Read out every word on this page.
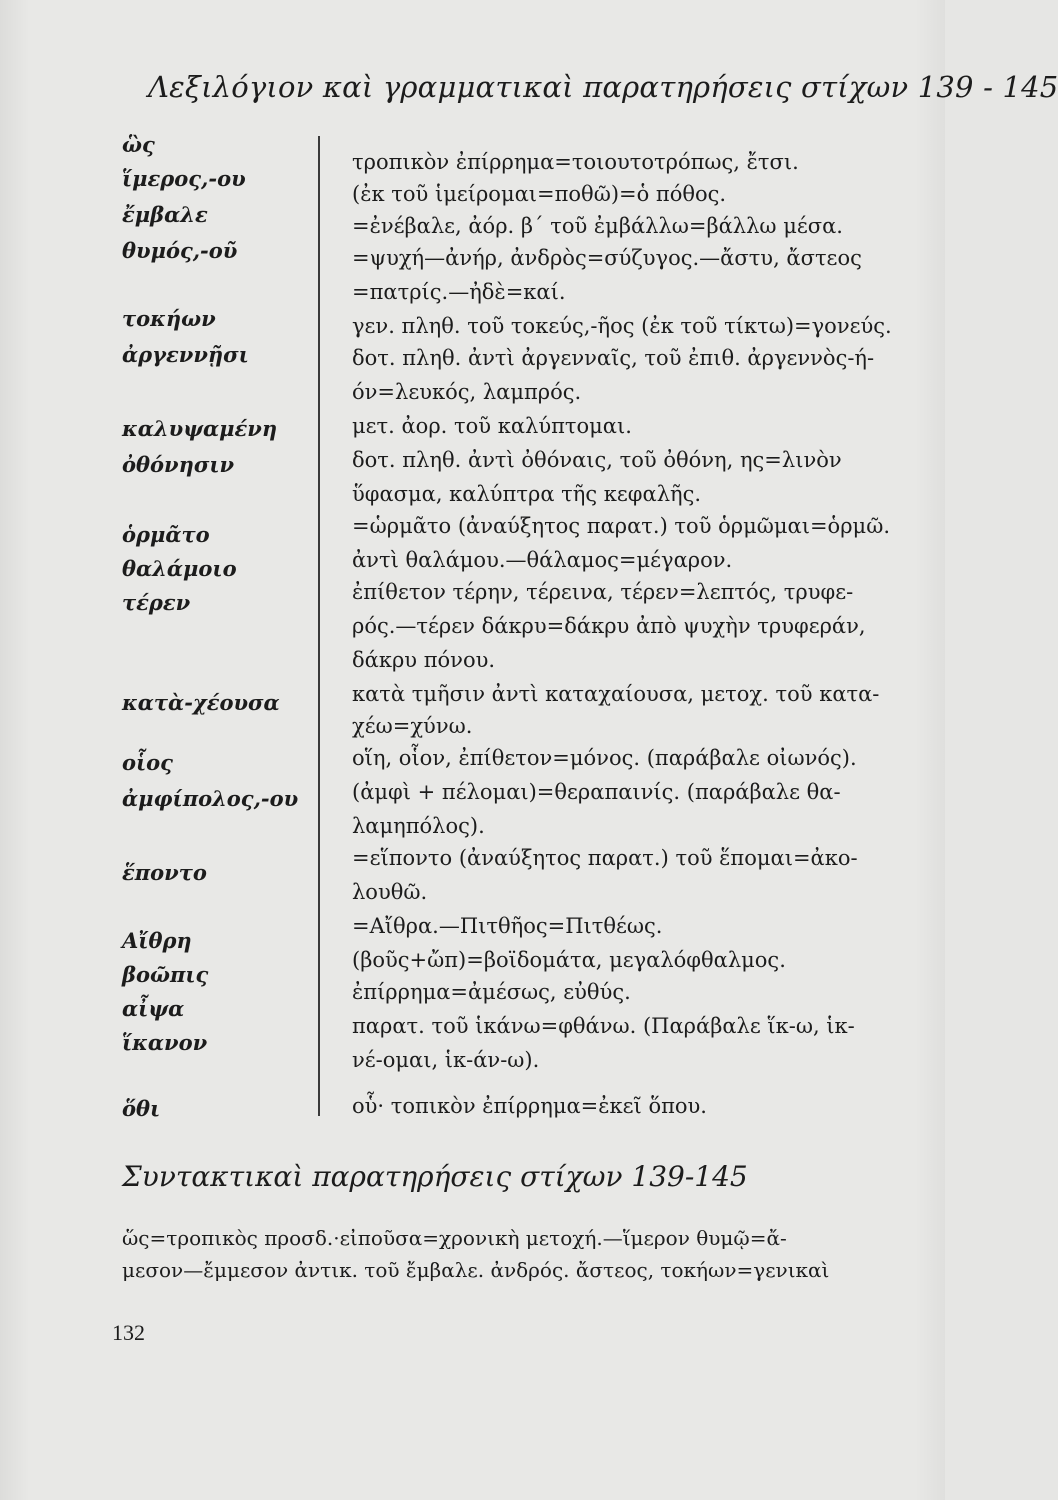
Λεξιλόγιον καὶ γραμματικαὶ παρατηρήσεις στίχων 139 - 145
ὣς
ἵμερος,-ου
ἔμβαλε
θυμός,-οῦ
τοκήων
ἀργεννῇσι
καλυψαμένη
ὀθόνησιν
ὁρμᾶτο
θαλάμοιο
τέρεν
κατὰ-χέουσα
οἷος
ἀμφίπολος,-ου
ἕποντο
Αἴθρη
βοῶπις
αἶψα
ἵκανον
ὅθι
τροπικὸν ἐπίρρημα=τοιουτοτρόπως, ἔτσι.
(ἐκ τοῦ ἱμείρομαι=ποθῶ)=ὁ πόθος.
=ἐνέβαλε, ἀόρ. β΄ τοῦ ἐμβάλλω=βάλλω μέσα.
=ψυχή—ἀνήρ, ἀνδρὸς=σύζυγος.—ἄστυ, ἄστεος
=πατρίς.—ἠδὲ=καί.
γεν. πληθ. τοῦ τοκεύς,-ῆος (ἐκ τοῦ τίκτω)=γονεύς.
δοτ. πληθ. ἀντὶ ἀργενναῖς, τοῦ ἐπιθ. ἀργεννὸς-ή-
όν=λευκός, λαμπρός.
μετ. ἀορ. τοῦ καλύπτομαι.
δοτ. πληθ. ἀντὶ ὀθόναις, τοῦ ὀθόνη, ης=λινὸν
ὕφασμα, καλύπτρα τῆς κεφαλῆς.
=ὡρμᾶτο (ἀναύξητος παρατ.) τοῦ ὁρμῶμαι=ὁρμῶ.
ἀντὶ θαλάμου.—θάλαμος=μέγαρον.
ἐπίθετον τέρην, τέρεινα, τέρεν=λεπτός, τρυφε-
ρός.—τέρεν δάκρυ=δάκρυ ἀπὸ ψυχὴν τρυφεράν,
δάκρυ πόνου.
κατὰ τμῆσιν ἀντὶ καταχαίουσα, μετοχ. τοῦ κατα-
χέω=χύνω.
οἵη, οἷον, ἐπίθετον=μόνος. (παράβαλε οἰωνός).
(ἀμφὶ + πέλομαι)=θεραπαινίς. (παράβαλε θα-
λαμηπόλος).
=εἵποντο (ἀναύξητος παρατ.) τοῦ ἕπομαι=ἀκο-
λουθῶ.
=Αἴθρα.—Πιτθῆος=Πιτθέως.
(βοῦς+ὤπ)=βοϊδομάτα, μεγαλόφθαλμος.
ἐπίρρημα=ἀμέσως, εὐθύς.
παρατ. τοῦ ἱκάνω=φθάνω. (Παράβαλε ἵκ-ω, ἱκ-
νέ-ομαι, ἱκ-άν-ω).
οὗ· τοπικὸν ἐπίρρημα=ἐκεῖ ὅπου.
Συντακτικαὶ παρατηρήσεις στίχων 139-145
ὥς=τροπικὸς προσδ.·εἰποῦσα=χρονικὴ μετοχή.—ἵμερον θυμῷ=ἄ-
μεσον—ἔμμεσον ἀντικ. τοῦ ἔμβαλε. ἀνδρός. ἄστεος, τοκήων=γενικαὶ
132
